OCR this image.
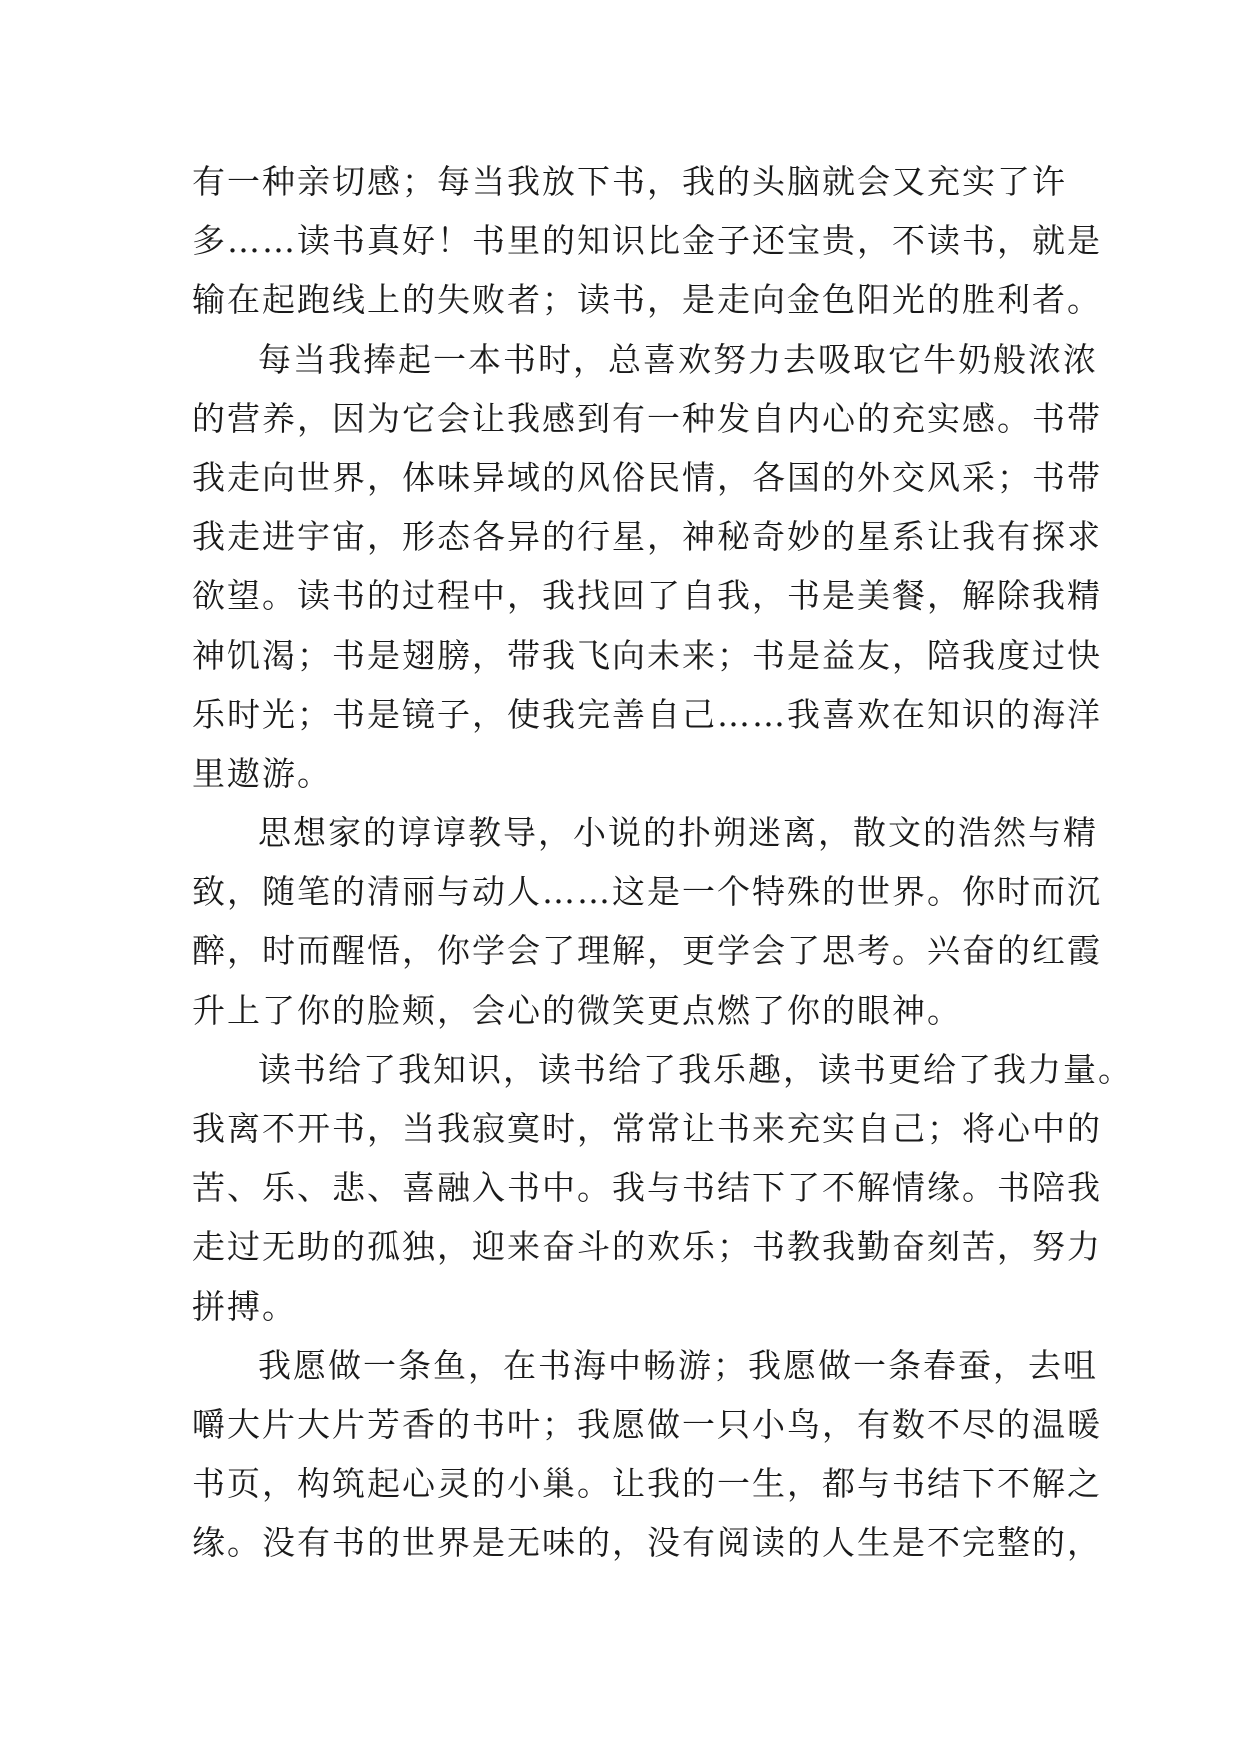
有一种亲切感；每当我放下书，我的头脑就会又充实了许
多……读书真好！书里的知识比金子还宝贵，不读书，就是
输在起跑线上的失败者；读书，是走向金色阳光的胜利者。
每当我捧起一本书时，总喜欢努力去吸取它牛奶般浓浓
的营养，因为它会让我感到有一种发自内心的充实感。书带
我走向世界，体味异域的风俗民情，各国的外交风采；书带
我走进宇宙，形态各异的行星，神秘奇妙的星系让我有探求
欲望。读书的过程中，我找回了自我，书是美餐，解除我精
神饥渴；书是翅膀，带我飞向未来；书是益友，陪我度过快
乐时光；书是镜子，使我完善自己……我喜欢在知识的海洋
里遨游。
思想家的谆谆教导，小说的扑朔迷离，散文的浩然与精
致，随笔的清丽与动人……这是一个特殊的世界。你时而沉
醉，时而醒悟，你学会了理解，更学会了思考。兴奋的红霞
升上了你的脸颊，会心的微笑更点燃了你的眼神。
读书给了我知识，读书给了我乐趣，读书更给了我力量。
我离不开书，当我寂寞时，常常让书来充实自己；将心中的
苦、乐、悲、喜融入书中。我与书结下了不解情缘。书陪我
走过无助的孤独，迎来奋斗的欢乐；书教我勤奋刻苦，努力
拼搏。
我愿做一条鱼，在书海中畅游；我愿做一条春蚕，去咀
嚼大片大片芳香的书叶；我愿做一只小鸟，有数不尽的温暖
书页，构筑起心灵的小巢。让我的一生，都与书结下不解之
缘。没有书的世界是无味的，没有阅读的人生是不完整的，
